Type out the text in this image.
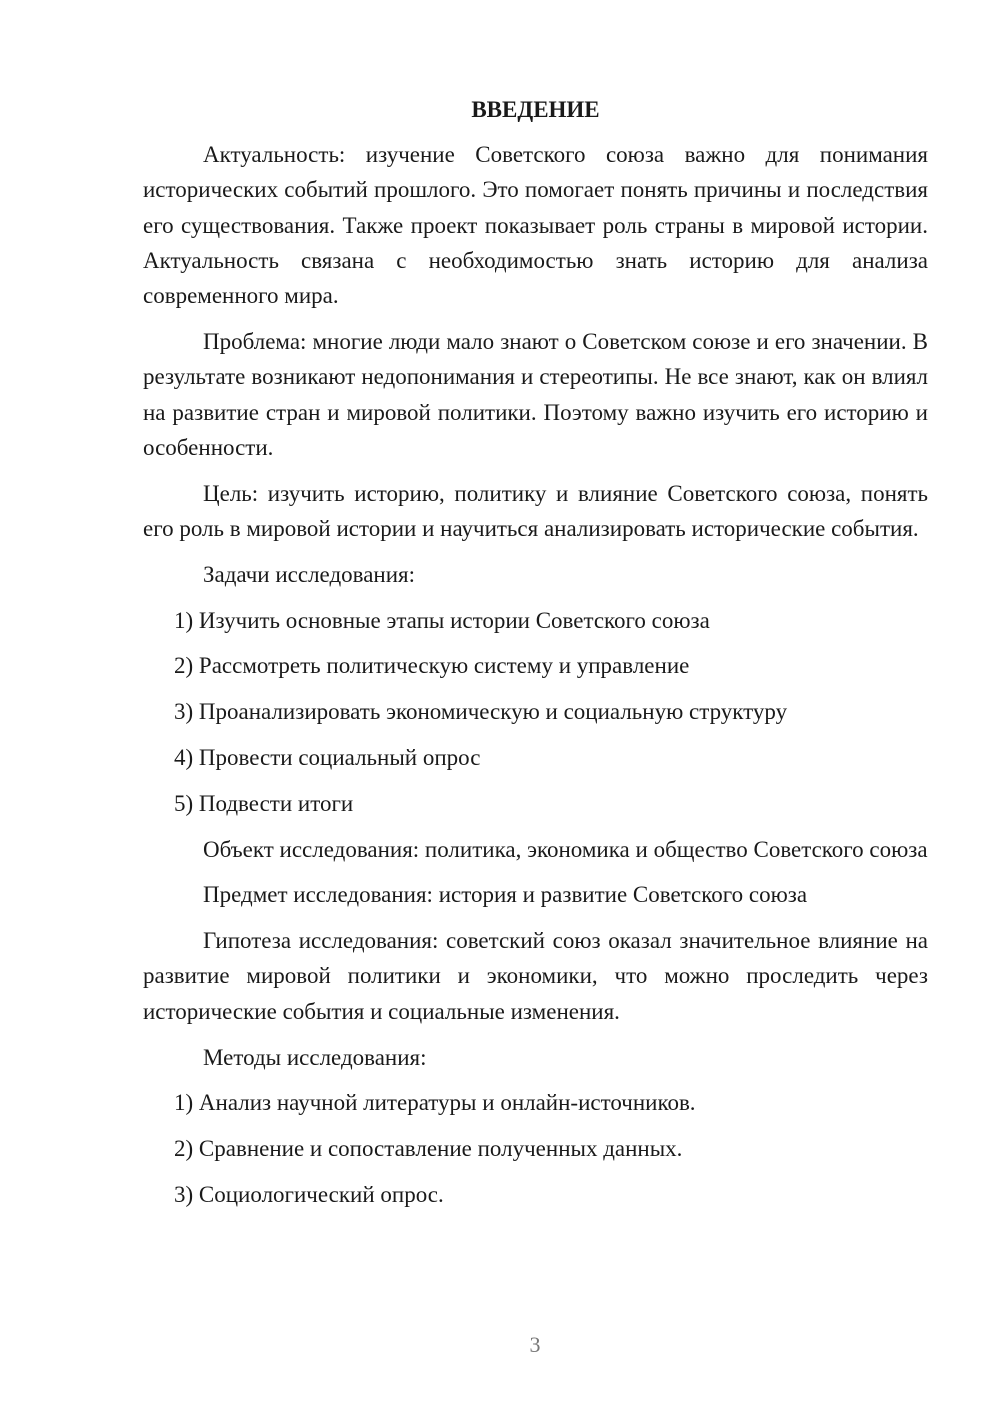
ВВЕДЕНИЕ

Актуальность: изучение Советского союза важно для понимания исторических событий прошлого. Это помогает понять причины и последствия его существования. Также проект показывает роль страны в мировой истории. Актуальность связана с необходимостью знать историю для анализа современного мира.

Проблема: многие люди мало знают о Советском союзе и его значении. В результате возникают недопонимания и стереотипы. Не все знают, как он влиял на развитие стран и мировой политики. Поэтому важно изучить его историю и особенности.

Цель: изучить историю, политику и влияние Советского союза, понять его роль в мировой истории и научиться анализировать исторические события.

Задачи исследования:
1) Изучить основные этапы истории Советского союза
2) Рассмотреть политическую систему и управление
3) Проанализировать экономическую и социальную структуру
4) Провести социальный опрос
5) Подвести итоги

Объект исследования: политика, экономика и общество Советского союза

Предмет исследования: история и развитие Советского союза

Гипотеза исследования: советский союз оказал значительное влияние на развитие мировой политики и экономики, что можно проследить через исторические события и социальные изменения.

Методы исследования:
1) Анализ научной литературы и онлайн-источников.
2) Сравнение и сопоставление полученных данных.
3) Социологический опрос.
3
